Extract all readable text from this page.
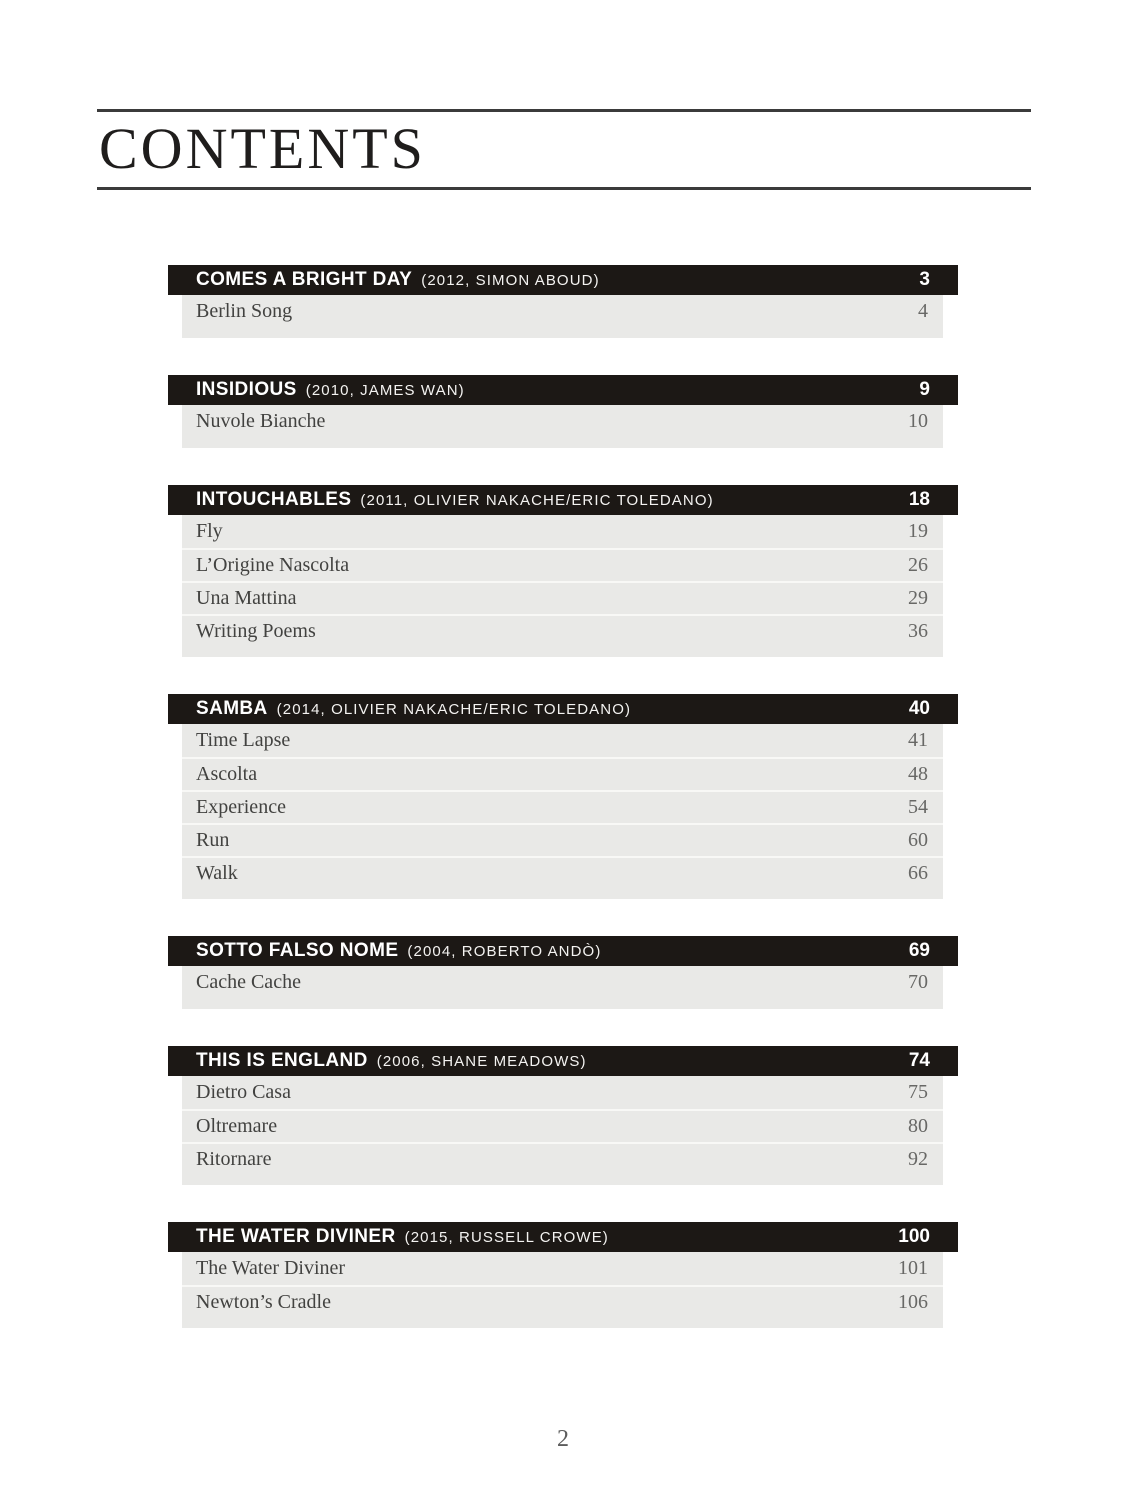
CONTENTS
COMES A BRIGHT DAY (2012, SIMON ABOUD)	3
Berlin Song	4
INSIDIOUS (2010, JAMES WAN)	9
Nuvole Bianche	10
INTOUCHABLES (2011, OLIVIER NAKACHE/ERIC TOLEDANO)	18
Fly	19
L’Origine Nascolta	26
Una Mattina	29
Writing Poems	36
SAMBA (2014, OLIVIER NAKACHE/ERIC TOLEDANO)	40
Time Lapse	41
Ascolta	48
Experience	54
Run	60
Walk	66
SOTTO FALSO NOME (2004, ROBERTO ANDÒ)	69
Cache Cache	70
THIS IS ENGLAND (2006, SHANE MEADOWS)	74
Dietro Casa	75
Oltremare	80
Ritornare	92
THE WATER DIVINER (2015, RUSSELL CROWE)	100
The Water Diviner	101
Newton’s Cradle	106
2
